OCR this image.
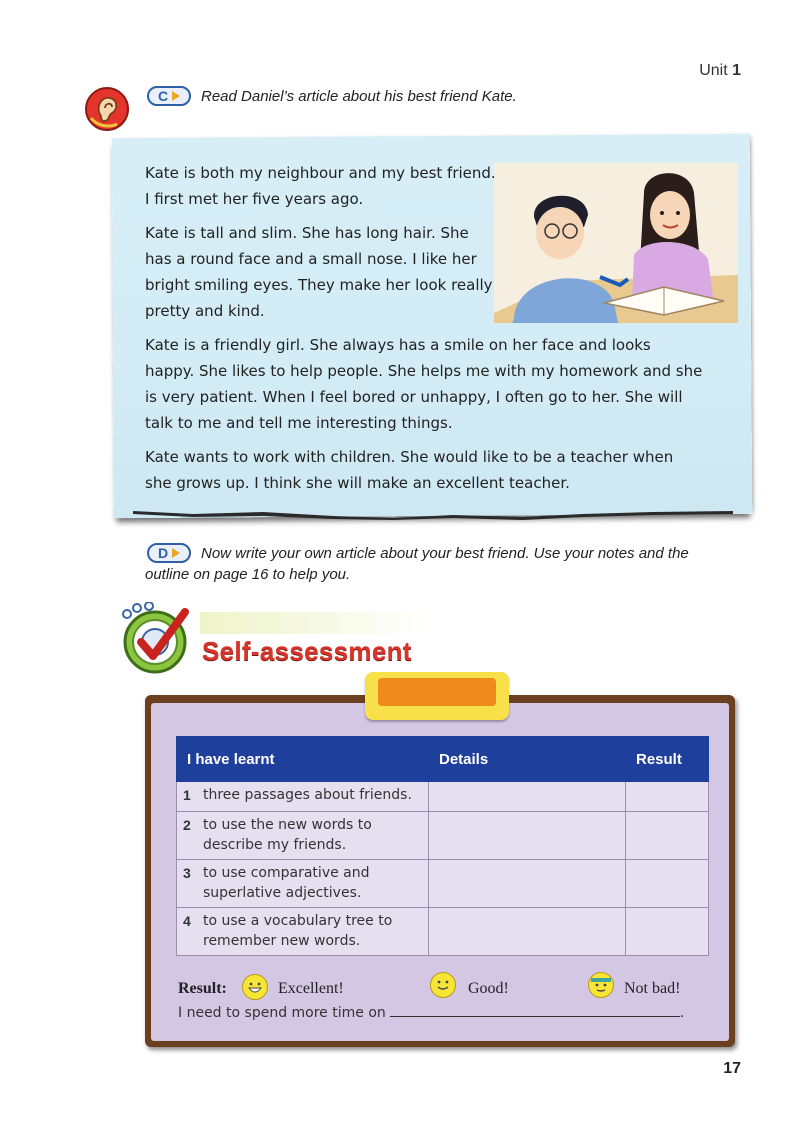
Unit 1
C Read Daniel’s article about his best friend Kate.

Kate is both my neighbour and my best friend.
I first met her five years ago.

Kate is tall and slim. She has long hair. She
has a round face and a small nose. I like her
bright smiling eyes. They make her look really
pretty and kind.

Kate is a friendly girl. She always has a smile on her face and looks
happy. She likes to help people. She helps me with my homework and she
is very patient. When I feel bored or unhappy, I often go to her. She will
talk to me and tell me interesting things.

Kate wants to work with children. She would like to be a teacher when
she grows up. I think she will make an excellent teacher.

D Now write your own article about your best friend. Use your notes and the
outline on page 16 to help you.
Self-assessment
I have learnt		Details	Result
1	three passages about friends.		
2	to use the new words to
describe my friends.		
3	to use comparative and
superlative adjectives.		
4	to use a vocabulary tree to
remember new words.		
Result:	Excellent!	Good!	Not bad!
I need to spend more time on	.
17
